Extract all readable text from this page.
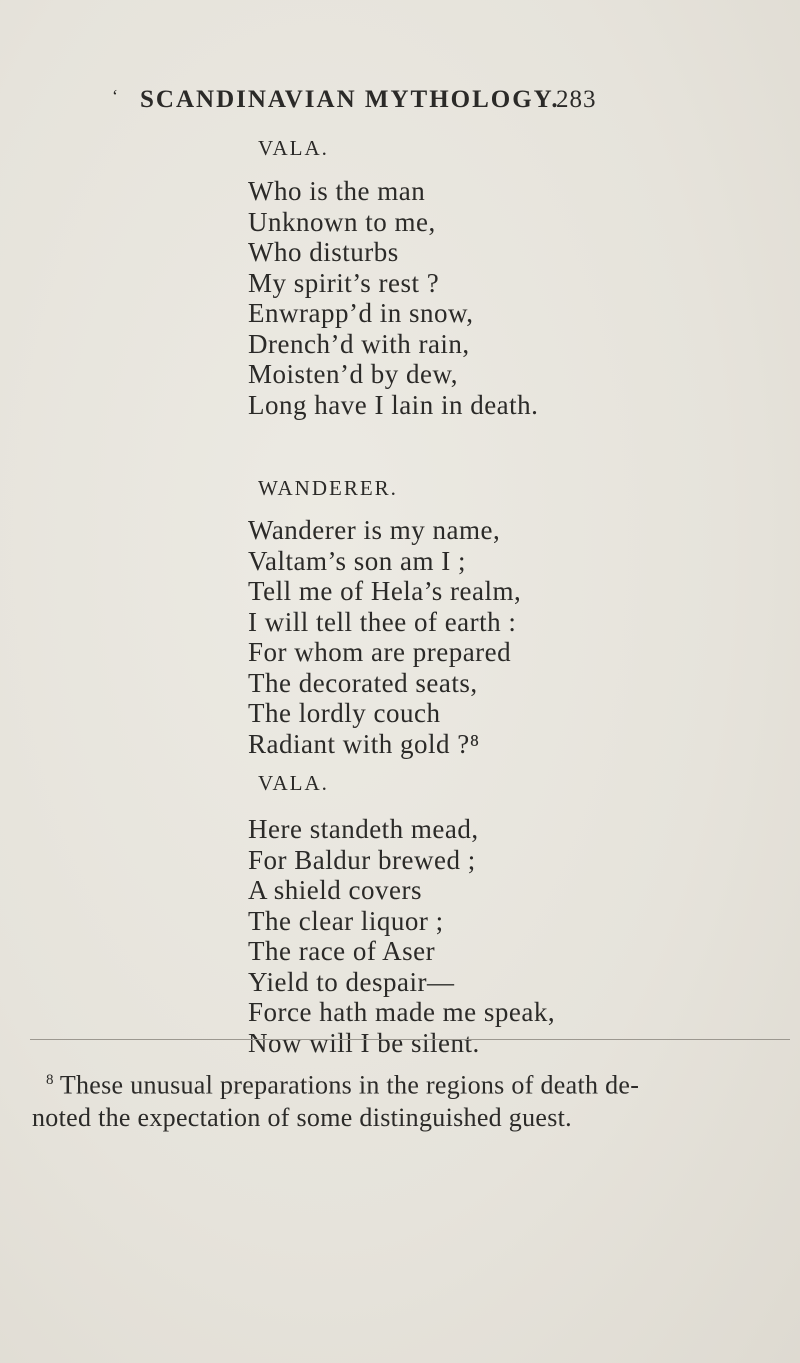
‘ SCANDINAVIAN MYTHOLOGY.
283
VALA.
Who is the man
Unknown to me,
Who disturbs
My spirit’s rest ?
Enwrapp’d in snow,
Drench’d with rain,
Moisten’d by dew,
Long have I lain in death.
WANDERER.
Wanderer is my name,
Valtam’s son am I ;
Tell me of Hela’s realm,
I will tell thee of earth :
For whom are prepared
The decorated seats,
The lordly couch
Radiant with gold ?⁸
VALA.
Here standeth mead,
For Baldur brewed ;
A shield covers
The clear liquor ;
The race of Aser
Yield to despair—
Force hath made me speak,
Now will I be silent.
$^8$ These unusual preparations in the regions of death de-
noted the expectation of some distinguished guest.
